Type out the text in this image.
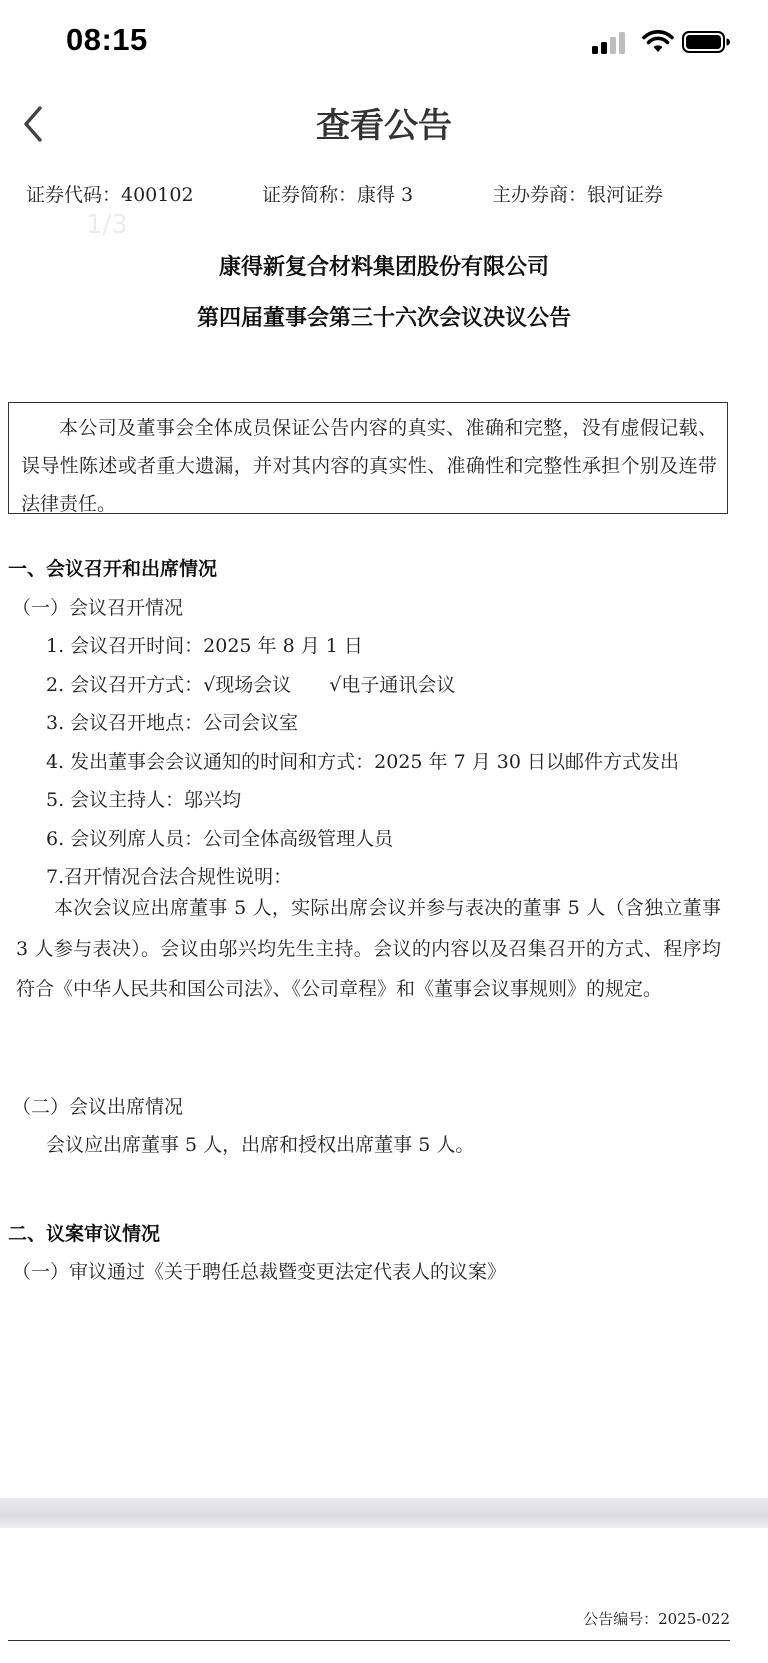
08:15
查看公告
证券代码：400102	证券简称：康得 3	主办券商：银河证券
1/3
康得新复合材料集团股份有限公司
第四届董事会第三十六次会议决议公告
本公司及董事会全体成员保证公告内容的真实、准确和完整，没有虚假记载、误导性陈述或者重大遗漏，并对其内容的真实性、准确性和完整性承担个别及连带法律责任。
一、会议召开和出席情况
（一）会议召开情况
1. 会议召开时间：2025 年 8 月 1 日
2. 会议召开方式：√现场会议　　√电子通讯会议
3. 会议召开地点：公司会议室
4. 发出董事会会议通知的时间和方式：2025 年 7 月 30 日以邮件方式发出
5. 会议主持人：邬兴均
6. 会议列席人员：公司全体高级管理人员
7.召开情况合法合规性说明：
本次会议应出席董事 5 人，实际出席会议并参与表决的董事 5 人（含独立董事 3 人参与表决）。会议由邬兴均先生主持。会议的内容以及召集召开的方式、程序均符合《中华人民共和国公司法》、《公司章程》和《董事会议事规则》的规定。
（二）会议出席情况
会议应出席董事 5 人，出席和授权出席董事 5 人。
二、议案审议情况
（一）审议通过《关于聘任总裁暨变更法定代表人的议案》
公告编号：2025-022
